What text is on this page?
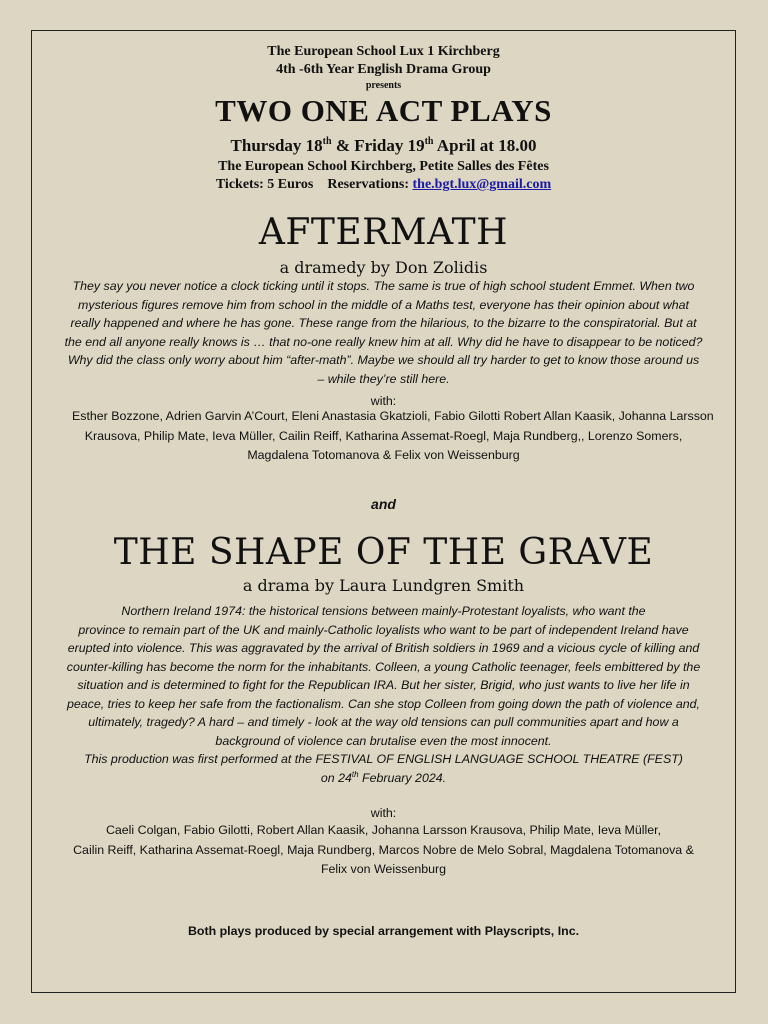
The European School Lux 1 Kirchberg
4th -6th Year English Drama Group
presents
TWO ONE ACT PLAYS
Thursday 18th & Friday 19th April at 18.00
The European School Kirchberg, Petite Salles des Fêtes
Tickets: 5 Euros Reservations: the.bgt.lux@gmail.com
AFTERMATH
a dramedy by Don Zolidis
They say you never notice a clock ticking until it stops. The same is true of high school student Emmet. When two
mysterious figures remove him from school in the middle of a Maths test, everyone has their opinion about what
really happened and where he has gone. These range from the hilarious, to the bizarre to the conspiratorial. But at
the end all anyone really knows is … that no-one really knew him at all. Why did he have to disappear to be noticed?
Why did the class only worry about him “after-math”. Maybe we should all try harder to get to know those around us
– while they’re still here.
with:
Esther Bozzone, Adrien Garvin A’Court, Eleni Anastasia Gkatzioli, Fabio Gilotti Robert Allan Kaasik, Johanna Larsson
Krausova, Philip Mate, Ieva Müller, Cailin Reiff, Katharina Assemat-Roegl, Maja Rundberg,, Lorenzo Somers,
Magdalena Totomanova & Felix von Weissenburg
and
THE SHAPE OF THE GRAVE
a drama by Laura Lundgren Smith
Northern Ireland 1974: the historical tensions between mainly-Protestant loyalists, who want the
province to remain part of the UK and mainly-Catholic loyalists who want to be part of independent Ireland have
erupted into violence. This was aggravated by the arrival of British soldiers in 1969 and a vicious cycle of killing and
counter-killing has become the norm for the inhabitants. Colleen, a young Catholic teenager, feels embittered by the
situation and is determined to fight for the Republican IRA. But her sister, Brigid, who just wants to live her life in
peace, tries to keep her safe from the factionalism. Can she stop Colleen from going down the path of violence and,
ultimately, tragedy? A hard – and timely - look at the way old tensions can pull communities apart and how a
background of violence can brutalise even the most innocent.
This production was first performed at the FESTIVAL OF ENGLISH LANGUAGE SCHOOL THEATRE (FEST)
on 24th February 2024.
with:
Caeli Colgan, Fabio Gilotti, Robert Allan Kaasik, Johanna Larsson Krausova, Philip Mate, Ieva Müller,
Cailin Reiff, Katharina Assemat-Roegl, Maja Rundberg, Marcos Nobre de Melo Sobral, Magdalena Totomanova &
Felix von Weissenburg
Both plays produced by special arrangement with Playscripts, Inc.
